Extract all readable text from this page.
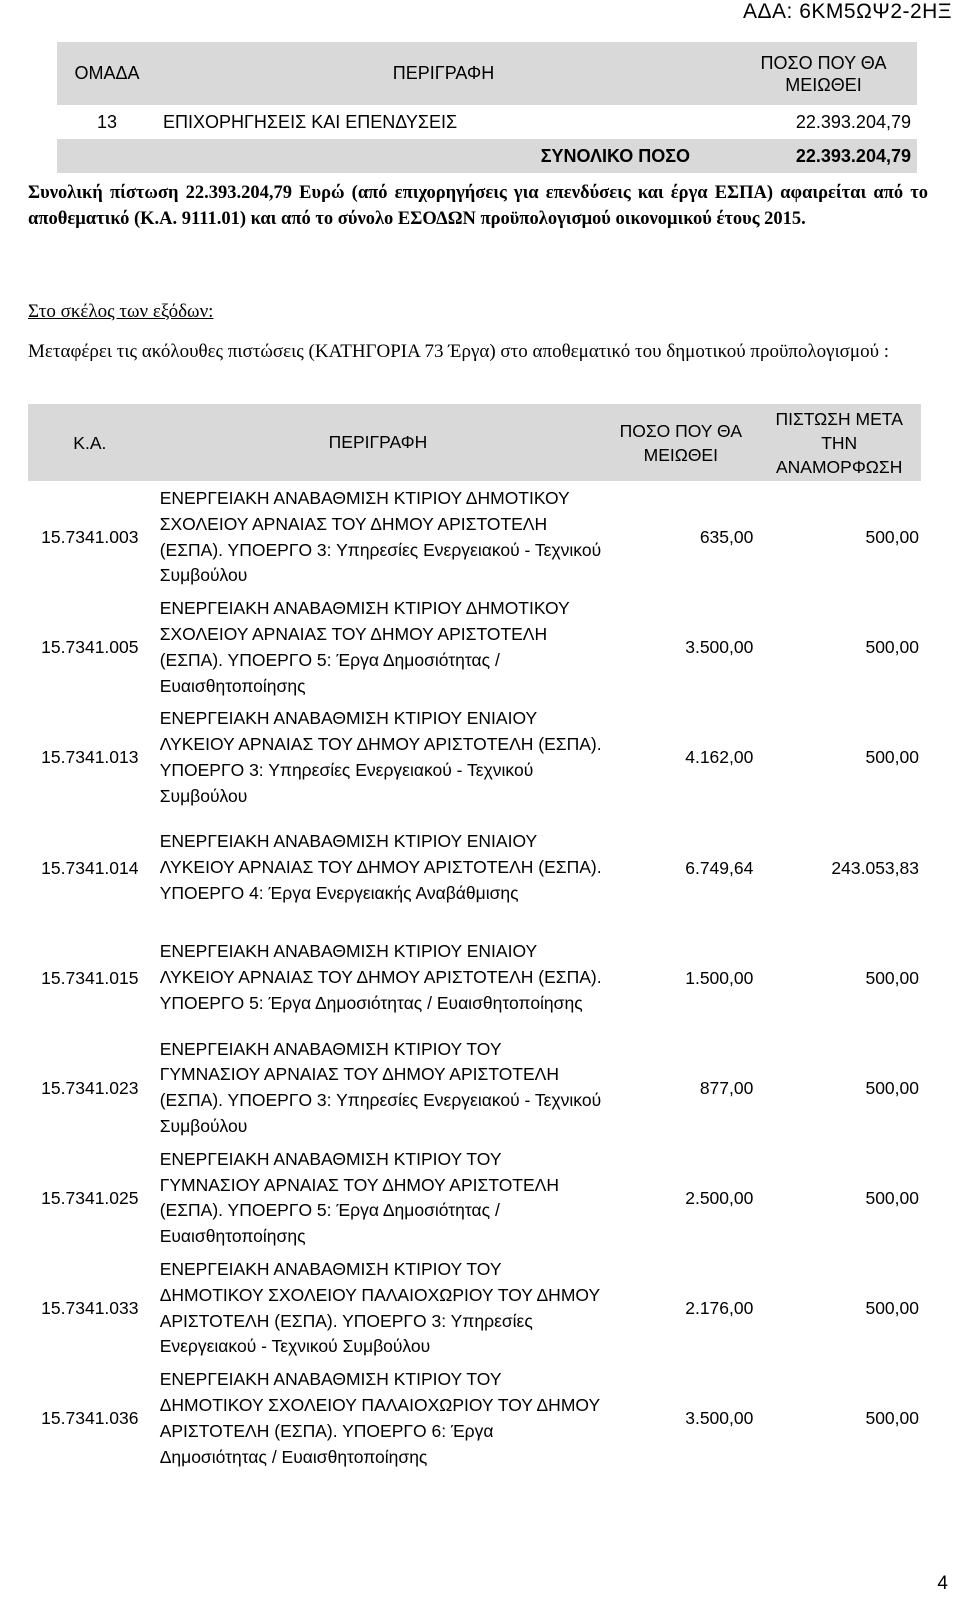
ΑΔΑ: 6ΚΜ5ΩΨ2-2ΗΞ
ΟΜΑΔΑ	ΠΕΡΙΓΡΑΦΗ	ΠΟΣΟ ΠΟΥ ΘΑ ΜΕΙΩΘΕΙ
13	ΕΠΙΧΟΡΗΓΗΣΕΙΣ ΚΑΙ ΕΠΕΝΔΥΣΕΙΣ	22.393.204,79
	ΣΥΝΟΛΙΚΟ ΠΟΣΟ	22.393.204,79

Συνολική πίστωση 22.393.204,79 Ευρώ (από επιχορηγήσεις για επενδύσεις και έργα ΕΣΠΑ) αφαιρείται από το αποθεματικό (Κ.Α. 9111.01) και από το σύνολο ΕΣΟΔΩΝ προϋπολογισμού οικονομικού έτους 2015.

Στο σκέλος των εξόδων:

Μεταφέρει τις ακόλουθες πιστώσεις (ΚΑΤΗΓΟΡΙΑ 73 Έργα) στο αποθεματικό του δημοτικού προϋπολογισμού :

Κ.Α.	ΠΕΡΙΓΡΑΦΗ	ΠΟΣΟ ΠΟΥ ΘΑ ΜΕΙΩΘΕΙ	ΠΙΣΤΩΣΗ ΜΕΤΑ ΤΗΝ ΑΝΑΜΟΡΦΩΣΗ

15.7341.003	ΕΝΕΡΓΕΙΑΚΗ ΑΝΑΒΑΘΜΙΣΗ ΚΤΙΡΙΟΥ ΔΗΜΟΤΙΚΟΥ ΣΧΟΛΕΙΟΥ ΑΡΝΑΙΑΣ ΤΟΥ ΔΗΜΟΥ ΑΡΙΣΤΟΤΕΛΗ (ΕΣΠΑ). ΥΠΟΕΡΓΟ 3: Υπηρεσίες Ενεργειακού - Τεχνικού Συμβούλου	635,00	500,00

15.7341.005	ΕΝΕΡΓΕΙΑΚΗ ΑΝΑΒΑΘΜΙΣΗ ΚΤΙΡΙΟΥ ΔΗΜΟΤΙΚΟΥ ΣΧΟΛΕΙΟΥ ΑΡΝΑΙΑΣ ΤΟΥ ΔΗΜΟΥ ΑΡΙΣΤΟΤΕΛΗ (ΕΣΠΑ). ΥΠΟΕΡΓΟ 5: Έργα Δημοσιότητας / Ευαισθητοποίησης	3.500,00	500,00

15.7341.013	ΕΝΕΡΓΕΙΑΚΗ ΑΝΑΒΑΘΜΙΣΗ ΚΤΙΡΙΟΥ ΕΝΙΑΙΟΥ ΛΥΚΕΙΟΥ ΑΡΝΑΙΑΣ ΤΟΥ ΔΗΜΟΥ ΑΡΙΣΤΟΤΕΛΗ (ΕΣΠΑ). ΥΠΟΕΡΓΟ 3: Υπηρεσίες Ενεργειακού - Τεχνικού Συμβούλου	4.162,00	500,00

15.7341.014	ΕΝΕΡΓΕΙΑΚΗ ΑΝΑΒΑΘΜΙΣΗ ΚΤΙΡΙΟΥ ΕΝΙΑΙΟΥ ΛΥΚΕΙΟΥ ΑΡΝΑΙΑΣ ΤΟΥ ΔΗΜΟΥ ΑΡΙΣΤΟΤΕΛΗ (ΕΣΠΑ). ΥΠΟΕΡΓΟ 4: Έργα Ενεργειακής Αναβάθμισης	6.749,64	243.053,83

15.7341.015	ΕΝΕΡΓΕΙΑΚΗ ΑΝΑΒΑΘΜΙΣΗ ΚΤΙΡΙΟΥ ΕΝΙΑΙΟΥ ΛΥΚΕΙΟΥ ΑΡΝΑΙΑΣ ΤΟΥ ΔΗΜΟΥ ΑΡΙΣΤΟΤΕΛΗ (ΕΣΠΑ). ΥΠΟΕΡΓΟ 5: Έργα Δημοσιότητας / Ευαισθητοποίησης	1.500,00	500,00

15.7341.023	ΕΝΕΡΓΕΙΑΚΗ ΑΝΑΒΑΘΜΙΣΗ ΚΤΙΡΙΟΥ ΤΟΥ ΓΥΜΝΑΣΙΟΥ ΑΡΝΑΙΑΣ ΤΟΥ ΔΗΜΟΥ ΑΡΙΣΤΟΤΕΛΗ (ΕΣΠΑ). ΥΠΟΕΡΓΟ 3: Υπηρεσίες Ενεργειακού - Τεχνικού Συμβούλου	877,00	500,00

15.7341.025	ΕΝΕΡΓΕΙΑΚΗ ΑΝΑΒΑΘΜΙΣΗ ΚΤΙΡΙΟΥ ΤΟΥ ΓΥΜΝΑΣΙΟΥ ΑΡΝΑΙΑΣ ΤΟΥ ΔΗΜΟΥ ΑΡΙΣΤΟΤΕΛΗ (ΕΣΠΑ). ΥΠΟΕΡΓΟ 5: Έργα Δημοσιότητας / Ευαισθητοποίησης	2.500,00	500,00

15.7341.033	ΕΝΕΡΓΕΙΑΚΗ ΑΝΑΒΑΘΜΙΣΗ ΚΤΙΡΙΟΥ ΤΟΥ ΔΗΜΟΤΙΚΟΥ ΣΧΟΛΕΙΟΥ ΠΑΛΑΙΟΧΩΡΙΟΥ ΤΟΥ ΔΗΜΟΥ ΑΡΙΣΤΟΤΕΛΗ (ΕΣΠΑ). ΥΠΟΕΡΓΟ 3: Υπηρεσίες Ενεργειακού - Τεχνικού Συμβούλου	2.176,00	500,00

15.7341.036	ΕΝΕΡΓΕΙΑΚΗ ΑΝΑΒΑΘΜΙΣΗ ΚΤΙΡΙΟΥ ΤΟΥ ΔΗΜΟΤΙΚΟΥ ΣΧΟΛΕΙΟΥ ΠΑΛΑΙΟΧΩΡΙΟΥ ΤΟΥ ΔΗΜΟΥ ΑΡΙΣΤΟΤΕΛΗ (ΕΣΠΑ). ΥΠΟΕΡΓΟ 6: Έργα Δημοσιότητας / Ευαισθητοποίησης	3.500,00	500,00
4
